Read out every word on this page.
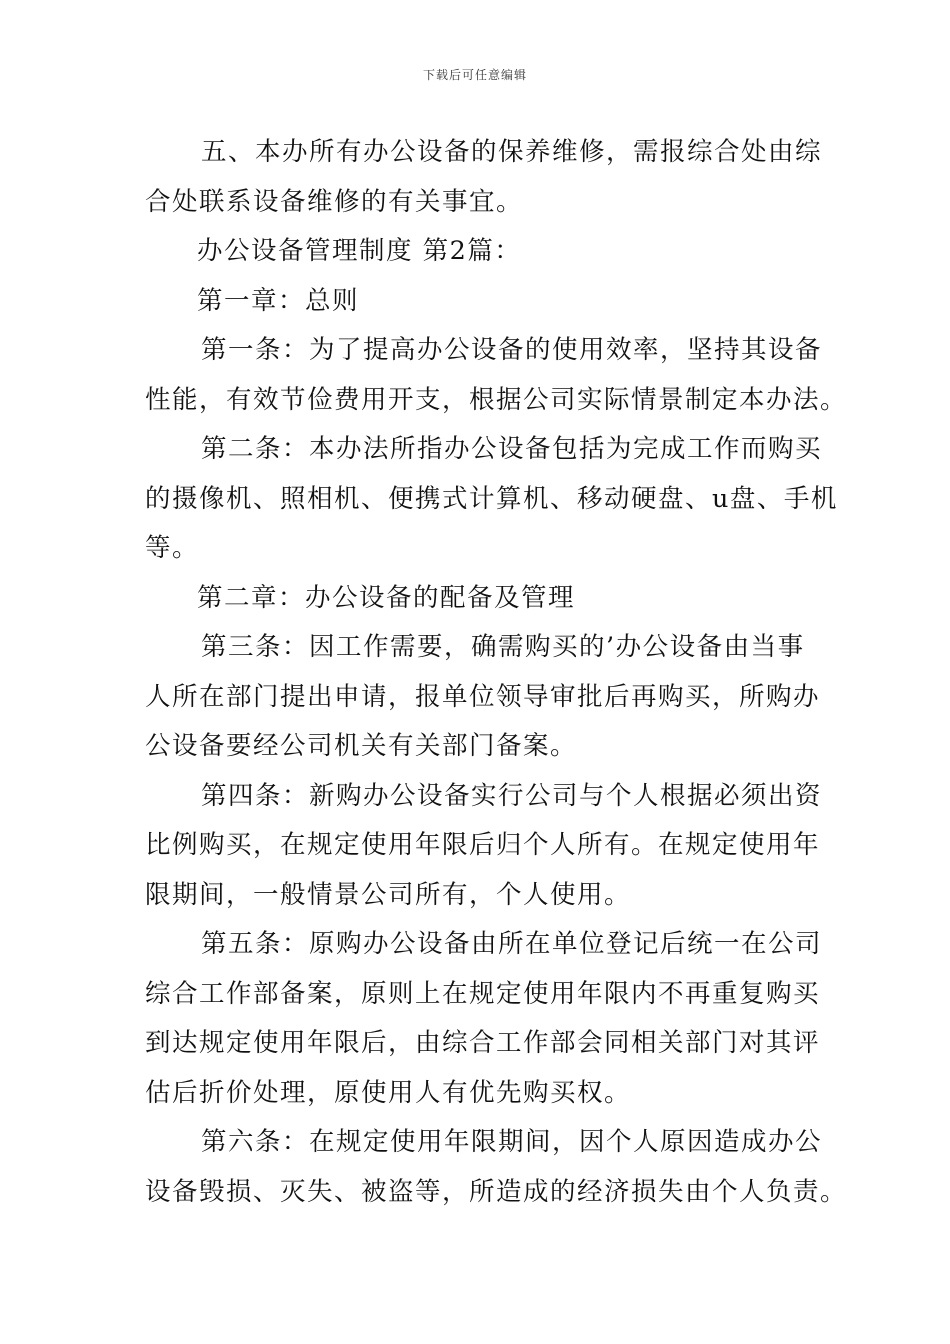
下载后可任意编辑

五、本办所有办公设备的保养维修，需报综合处由综
合处联系设备维修的有关事宜。

办公设备管理制度 第2篇：

第一章：总则

第一条：为了提高办公设备的使用效率，坚持其设备
性能，有效节俭费用开支，根据公司实际情景制定本办法。

第二条：本办法所指办公设备包括为完成工作而购买
的摄像机、照相机、便携式计算机、移动硬盘、u盘、手机
等。

第二章：办公设备的配备及管理

第三条：因工作需要，确需购买的’办公设备由当事
人所在部门提出申请，报单位领导审批后再购买，所购办
公设备要经公司机关有关部门备案。

第四条：新购办公设备实行公司与个人根据必须出资
比例购买，在规定使用年限后归个人所有。在规定使用年
限期间，一般情景公司所有，个人使用。

第五条：原购办公设备由所在单位登记后统一在公司
综合工作部备案，原则上在规定使用年限内不再重复购买
到达规定使用年限后，由综合工作部会同相关部门对其评
估后折价处理，原使用人有优先购买权。

第六条：在规定使用年限期间，因个人原因造成办公
设备毁损、灭失、被盗等，所造成的经济损失由个人负责。
